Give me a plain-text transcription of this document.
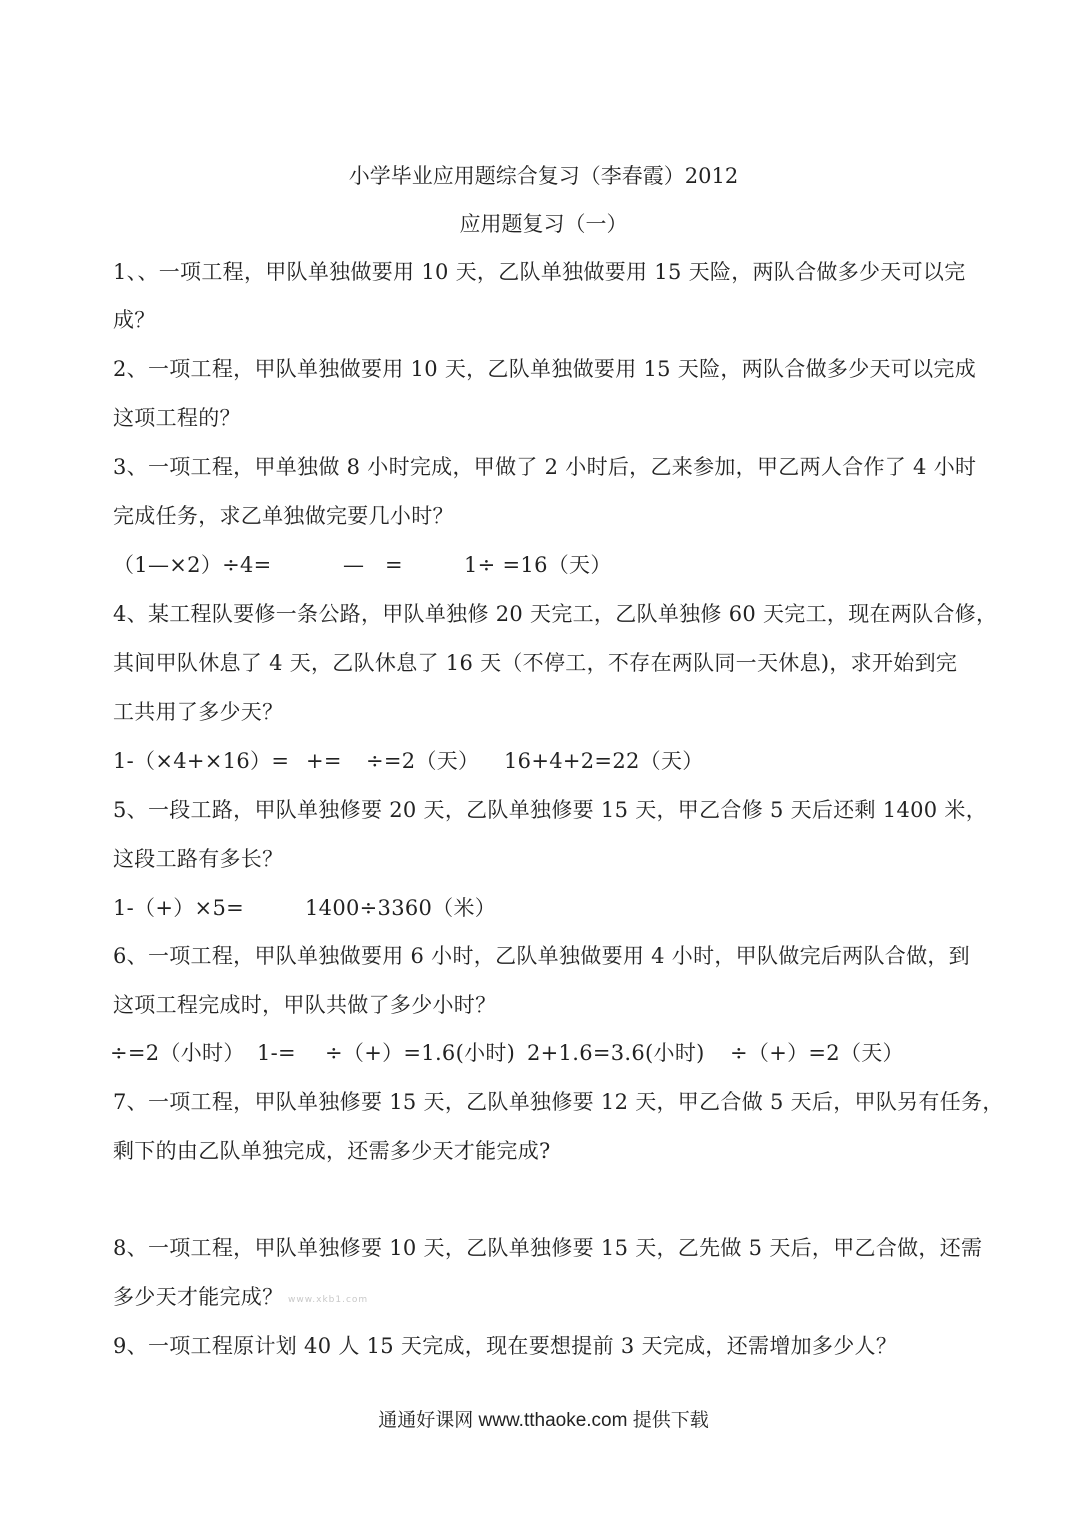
小学毕业应用题综合复习（李春霞）2012
应用题复习（一）
1、、一项工程，甲队单独做要用 10 天，乙队单独做要用 15 天险，两队合做多少天可以完
成？
2、一项工程，甲队单独做要用 10 天，乙队单独做要用 15 天险，两队合做多少天可以完成
这项工程的？
3、一项工程，甲单独做 8 小时完成，甲做了 2 小时后，乙来参加，甲乙两人合作了 4 小时
完成任务，求乙单独做完要几小时？
（1—×2）÷4=	— =	1÷ =16（天）
4、某工程队要修一条公路，甲队单独修 20 天完工，乙队单独修 60 天完工，现在两队合修，
其间甲队休息了 4 天，乙队休息了 16 天（不停工，不存在两队同一天休息)，求开始到完
工共用了多少天？
1-（×4+×16）= += ÷=2（天） 16+4+2=22（天）
5、一段工路，甲队单独修要 20 天，乙队单独修要 15 天，甲乙合修 5 天后还剩 1400 米，
这段工路有多长？
1-（+）×5=	1400÷3360（米）
6、一项工程，甲队单独做要用 6 小时，乙队单独做要用 4 小时，甲队做完后两队合做，到
这项工程完成时，甲队共做了多少小时？
÷=2（小时） 1-= ÷（+）=1.6(小时) 2+1.6=3.6(小时) ÷（+）=2（天）
7、一项工程，甲队单独修要 15 天，乙队单独修要 12 天，甲乙合做 5 天后，甲队另有任务，
剩下的由乙队单独完成，还需多少天才能完成?
8、一项工程，甲队单独修要 10 天，乙队单独修要 15 天，乙先做 5 天后，甲乙合做，还需
多少天才能完成？ www.xkb1.com
9、一项工程原计划 40 人 15 天完成，现在要想提前 3 天完成，还需增加多少人？
通通好课网 www.tthaoke.com 提供下载
